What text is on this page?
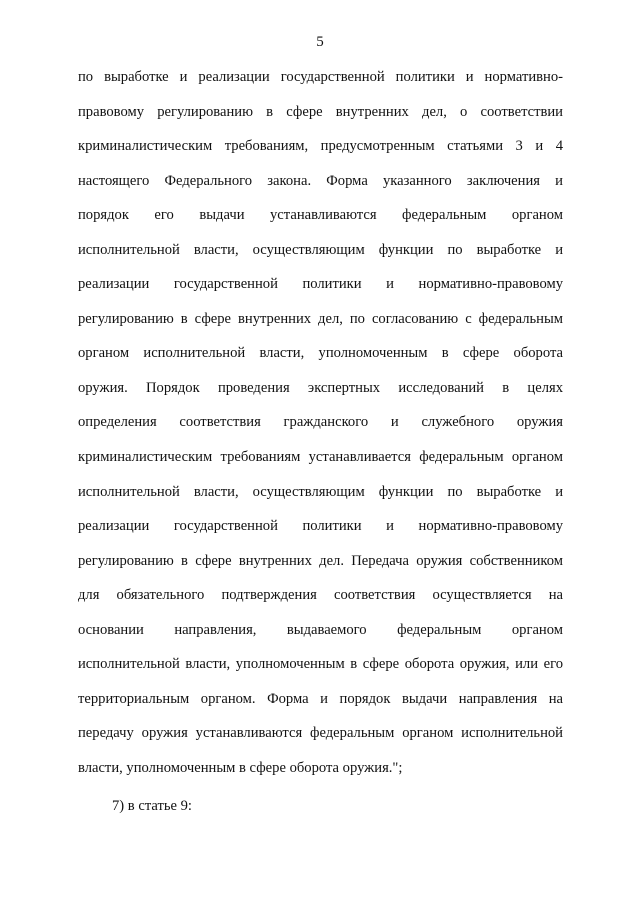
5
по выработке и реализации государственной политики и нормативно-
правовому регулированию в сфере внутренних дел, о соответствии
криминалистическим требованиям, предусмотренным статьями 3 и 4
настоящего Федерального закона. Форма указанного заключения и
порядок его выдачи устанавливаются федеральным органом
исполнительной власти, осуществляющим функции по выработке и
реализации государственной политики и нормативно-правовому
регулированию в сфере внутренних дел, по согласованию с федеральным
органом исполнительной власти, уполномоченным в сфере оборота
оружия. Порядок проведения экспертных исследований в целях
определения соответствия гражданского и служебного оружия
криминалистическим требованиям устанавливается федеральным органом
исполнительной власти, осуществляющим функции по выработке и
реализации государственной политики и нормативно-правовому
регулированию в сфере внутренних дел. Передача оружия собственником
для обязательного подтверждения соответствия осуществляется на
основании направления, выдаваемого федеральным органом
исполнительной власти, уполномоченным в сфере оборота оружия, или его
территориальным органом. Форма и порядок выдачи направления на
передачу оружия устанавливаются федеральным органом исполнительной
власти, уполномоченным в сфере оборота оружия.";
7) в статье 9:
